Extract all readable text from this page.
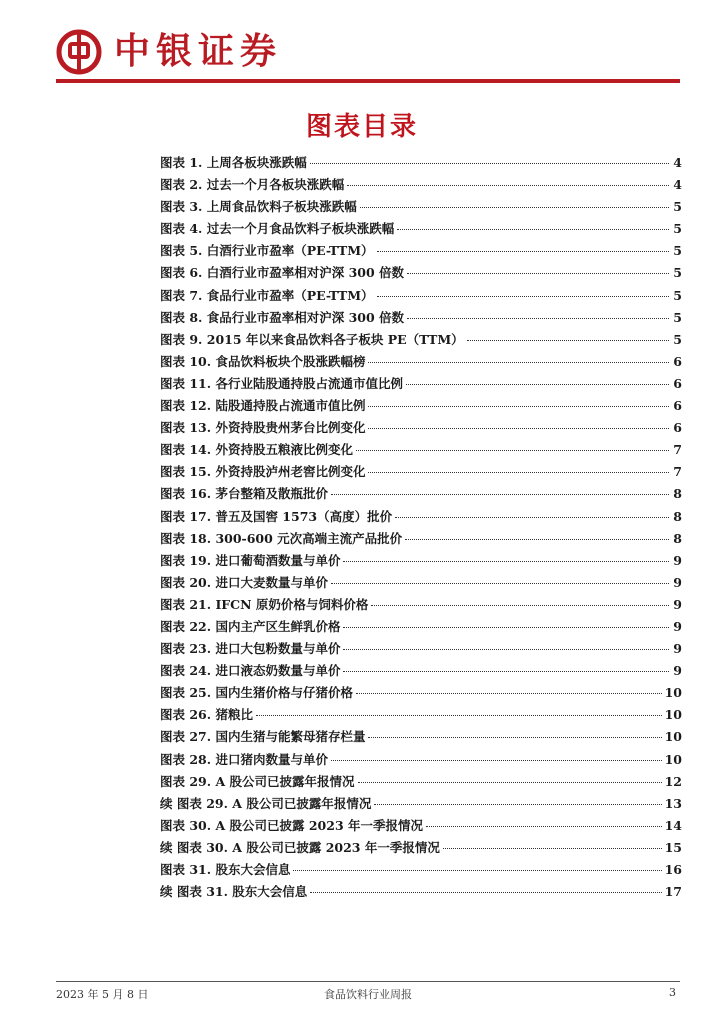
中银证券
图表目录
图表 1. 上周各板块涨跌幅	4
图表 2. 过去一个月各板块涨跌幅	4
图表 3. 上周食品饮料子板块涨跌幅	5
图表 4. 过去一个月食品饮料子板块涨跌幅	5
图表 5. 白酒行业市盈率（PE-TTM）	5
图表 6. 白酒行业市盈率相对沪深 300 倍数	5
图表 7. 食品行业市盈率（PE-TTM）	5
图表 8. 食品行业市盈率相对沪深 300 倍数	5
图表 9. 2015 年以来食品饮料各子板块 PE（TTM）	5
图表 10. 食品饮料板块个股涨跌幅榜	6
图表 11. 各行业陆股通持股占流通市值比例	6
图表 12. 陆股通持股占流通市值比例	6
图表 13. 外资持股贵州茅台比例变化	6
图表 14. 外资持股五粮液比例变化	7
图表 15. 外资持股泸州老窖比例变化	7
图表 16. 茅台整箱及散瓶批价	8
图表 17. 普五及国窖 1573（高度）批价	8
图表 18. 300-600 元次高端主流产品批价	8
图表 19. 进口葡萄酒数量与单价	9
图表 20. 进口大麦数量与单价	9
图表 21. IFCN 原奶价格与饲料价格	9
图表 22. 国内主产区生鲜乳价格	9
图表 23. 进口大包粉数量与单价	9
图表 24. 进口液态奶数量与单价	9
图表 25. 国内生猪价格与仔猪价格	10
图表 26. 猪粮比	10
图表 27. 国内生猪与能繁母猪存栏量	10
图表 28. 进口猪肉数量与单价	10
图表 29. A 股公司已披露年报情况	12
续 图表 29. A 股公司已披露年报情况	13
图表 30. A 股公司已披露 2023 年一季报情况	14
续 图表 30. A 股公司已披露 2023 年一季报情况	15
图表 31. 股东大会信息	16
续 图表 31. 股东大会信息	17
2023 年 5 月 8 日	食品饮料行业周报	3
